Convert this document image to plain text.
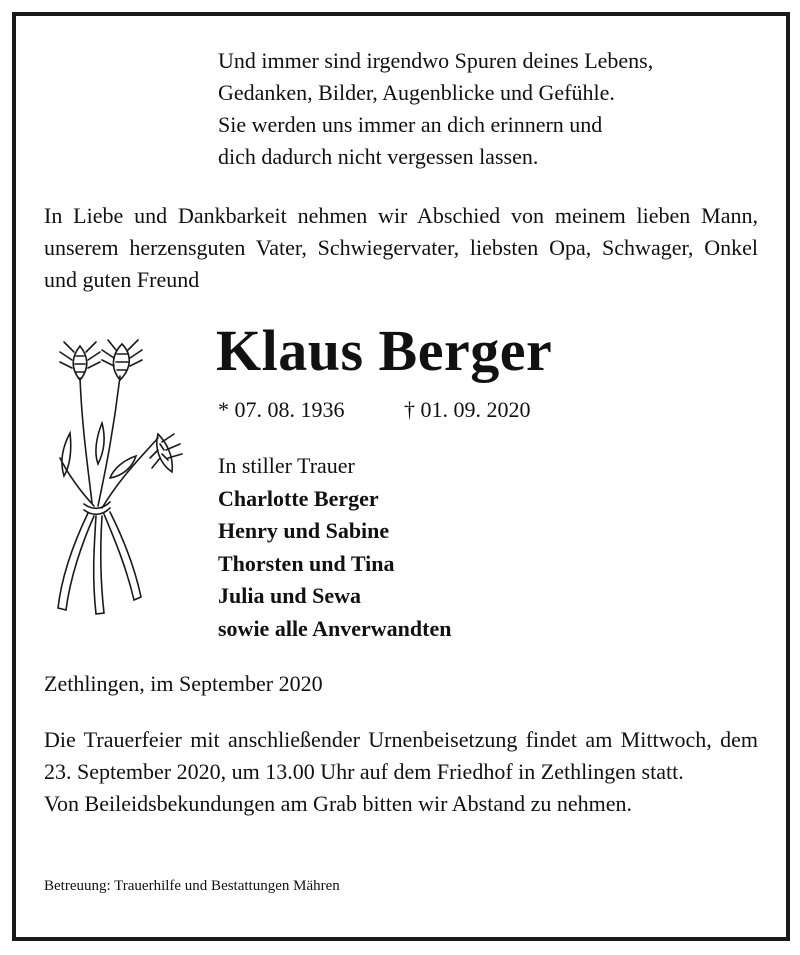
Und immer sind irgendwo Spuren deines Lebens,
Gedanken, Bilder, Augenblicke und Gefühle.
Sie werden uns immer an dich erinnern und
dich dadurch nicht vergessen lassen.
In Liebe und Dankbarkeit nehmen wir Abschied von meinem lieben Mann, unserem herzensguten Vater, Schwiegervater, liebsten Opa, Schwager, Onkel und guten Freund
Klaus Berger
* 07. 08. 1936	† 01. 09. 2020
In stiller Trauer
Charlotte Berger
Henry und Sabine
Thorsten und Tina
Julia und Sewa
sowie alle Anverwandten
Zethlingen, im September 2020

Die Trauerfeier mit anschließender Urnenbeisetzung findet am Mittwoch, dem 23. September 2020, um 13.00 Uhr auf dem Friedhof in Zethlingen statt.

Von Beileidsbekundungen am Grab bitten wir Abstand zu nehmen.

Betreuung: Trauerhilfe und Bestattungen Mähren
